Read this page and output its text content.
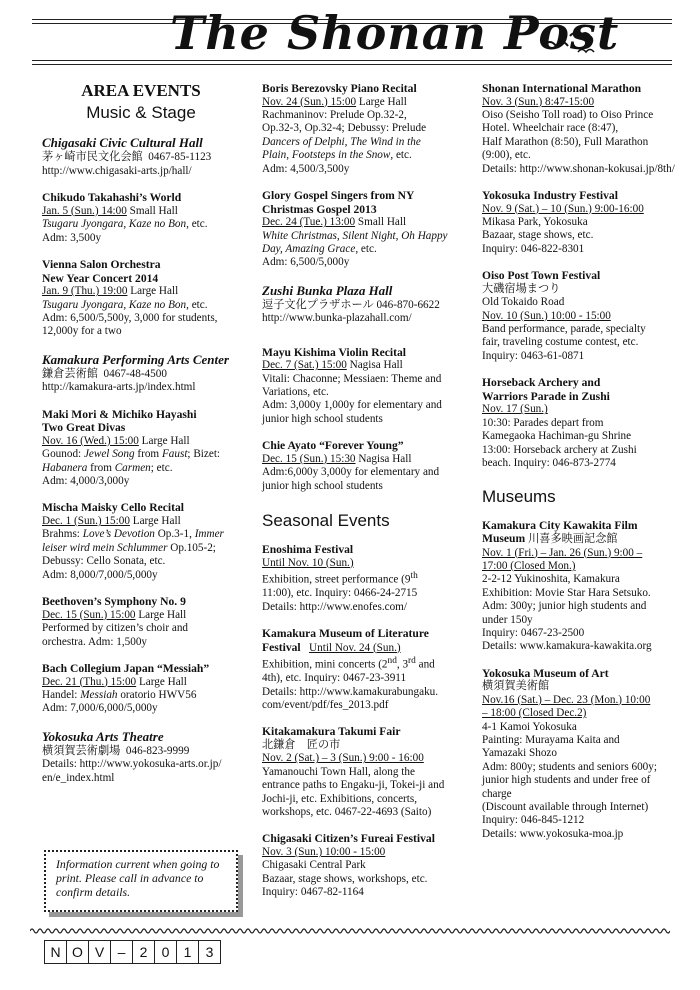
The Shonan Post
AREA EVENTS
Music & Stage
Chigasaki Civic Cultural Hall
茅ヶ崎市民文化会館 0467-85-1123
http://www.chigasaki-arts.jp/hall/
Chikudo Takahashi’s World
Jan. 5 (Sun.) 14:00 Small Hall
Tsugaru Jyongara, Kaze no Bon, etc.
Adm: 3,500y
Vienna Salon Orchestra
New Year Concert 2014
Jan. 9 (Thu.) 19:00 Large Hall
Tsugaru Jyongara, Kaze no Bon, etc.
Adm: 6,500/5,500y, 3,000 for students,
12,000y for a two
Kamakura Performing Arts Center
鎌倉芸術館 0467-48-4500
http://kamakura-arts.jp/index.html
Maki Mori & Michiko Hayashi
Two Great Divas
Nov. 16 (Wed.) 15:00 Large Hall
Gounod: Jewel Song from Faust; Bizet:
Habanera from Carmen; etc.
Adm: 4,000/3,000y
Mischa Maisky Cello Recital
Dec. 1 (Sun.) 15:00 Large Hall
Brahms: Love’s Devotion Op.3-1, Immer
leiser wird mein Schlummer Op.105-2;
Debussy: Cello Sonata, etc.
Adm: 8,000/7,000/5,000y
Beethoven’s Symphony No. 9
Dec. 15 (Sun.) 15:00 Large Hall
Performed by citizen’s choir and
orchestra. Adm: 1,500y
Bach Collegium Japan “Messiah”
Dec. 21 (Thu.) 15:00 Large Hall
Handel: Messiah oratorio HWV56
Adm: 7,000/6,000/5,000y
Yokosuka Arts Theatre
横須賀芸術劇場 046-823-9999
Details: http://www.yokosuka-arts.or.jp/
en/e_index.html
Information current when going to print. Please call in advance to confirm details.
Boris Berezovsky Piano Recital
Nov. 24 (Sun.) 15:00 Large Hall
Rachmaninov: Prelude Op.32-2,
Op.32-3, Op.32-4; Debussy: Prelude
Dancers of Delphi, The Wind in the
Plain, Footsteps in the Snow, etc.
Adm: 4,500/3,500y
Glory Gospel Singers from NY
Christmas Gospel 2013
Dec. 24 (Tue.) 13:00 Small Hall
White Christmas, Silent Night, Oh Happy
Day, Amazing Grace, etc.
Adm: 6,500/5,000y
Zushi Bunka Plaza Hall
逗子文化プラザホール 046-870-6622
http://www.bunka-plazahall.com/
Mayu Kishima Violin Recital
Dec. 7 (Sat.) 15:00 Nagisa Hall
Vitali: Chaconne; Messiaen: Theme and
Variations, etc.
Adm: 3,000y 1,000y for elementary and
junior high school students
Chie Ayato “Forever Young”
Dec. 15 (Sun.) 15:30 Nagisa Hall
Adm:6,000y 3,000y for elementary and
junior high school students
Seasonal Events
Enoshima Festival
Until Nov. 10 (Sun.)
Exhibition, street performance (9th
11:00), etc. Inquiry: 0466-24-2715
Details: http://www.enofes.com/
Kamakura Museum of Literature
Festival Until Nov. 24 (Sun.)
Exhibition, mini concerts (2nd, 3rd and
4th), etc. Inquiry: 0467-23-3911
Details: http://www.kamakurabungaku.
com/event/pdf/fes_2013.pdf
Kitakamakura Takumi Fair
北鎌倉　匠の市
Nov. 2 (Sat.) – 3 (Sun.) 9:00 - 16:00
Yamanouchi Town Hall, along the
entrance paths to Engaku-ji, Tokei-ji and
Jochi-ji, etc. Exhibitions, concerts,
workshops, etc. 0467-22-4693 (Saito)
Chigasaki Citizen’s Fureai Festival
Nov. 3 (Sun.) 10:00 - 15:00
Chigasaki Central Park
Bazaar, stage shows, workshops, etc.
Inquiry: 0467-82-1164
Shonan International Marathon
Nov. 3 (Sun.) 8:47-15:00
Oiso (Seisho Toll road) to Oiso Prince
Hotel. Wheelchair race (8:47),
Half Marathon (8:50), Full Marathon
(9:00), etc.
Details: http://www.shonan-kokusai.jp/8th/
Yokosuka Industry Festival
Nov. 9 (Sat.) – 10 (Sun.) 9:00-16:00
Mikasa Park, Yokosuka
Bazaar, stage shows, etc.
Inquiry: 046-822-8301
Oiso Post Town Festival
大磯宿場まつり
Old Tokaido Road
Nov. 10 (Sun.) 10:00 - 15:00
Band performance, parade, specialty
fair, traveling costume contest, etc.
Inquiry: 0463-61-0871
Horseback Archery and
Warriors Parade in Zushi
Nov. 17 (Sun.)
10:30: Parades depart from
Kamegaoka Hachiman-gu Shrine
13:00: Horseback archery at Zushi
beach. Inquiry: 046-873-2774
Museums
Kamakura City Kawakita Film
Museum 川喜多映画記念館
Nov. 1 (Fri.) – Jan. 26 (Sun.) 9:00 –
17:00 (Closed Mon.)
2-2-12 Yukinoshita, Kamakura
Exhibition: Movie Star Hara Setsuko.
Adm: 300y; junior high students and
under 150y
Inquiry: 0467-23-2500
Details: www.kamakura-kawakita.org
Yokosuka Museum of Art
横須賀美術館
Nov.16 (Sat.) – Dec. 23 (Mon.) 10:00
– 18:00 (Closed Dec.2)
4-1 Kamoi Yokosuka
Painting: Murayama Kaita and
Yamazaki Shozo
Adm: 800y; students and seniors 600y;
junior high students and under free of
charge
(Discount available through Internet)
Inquiry: 046-845-1212
Details: www.yokosuka-moa.jp
N O V –	2	0	1	3
